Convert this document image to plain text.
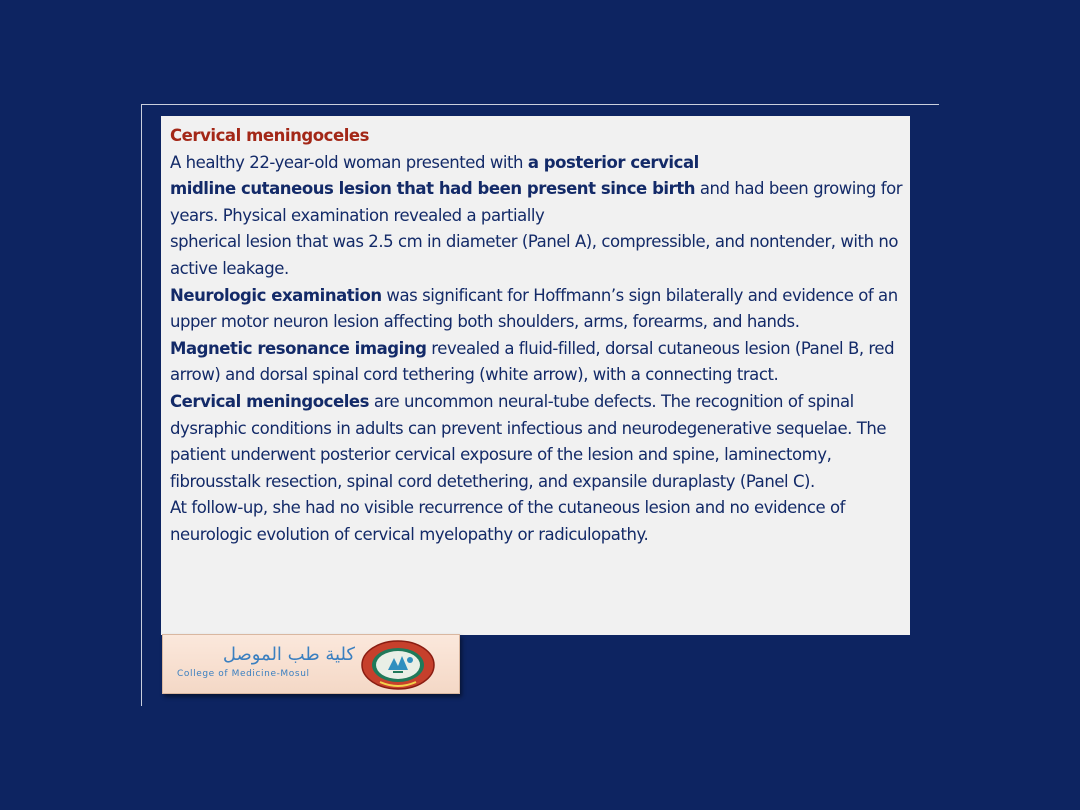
Cervical meningoceles

A healthy 22-year-old woman presented with a posterior cervical
midline cutaneous lesion that had been present since birth and had been growing for years. Physical examination revealed a partially
spherical lesion that was 2.5 cm in diameter (Panel A), compressible, and nontender, with no active leakage.

Neurologic examination was significant for Hoffmann’s sign bilaterally and evidence of an upper motor neuron lesion affecting both shoulders, arms, forearms, and hands.

Magnetic resonance imaging revealed a fluid-filled, dorsal cutaneous lesion (Panel B, red arrow) and dorsal spinal cord tethering (white arrow), with a connecting tract.

Cervical meningoceles are uncommon neural-tube defects. The recognition of spinal dysraphic conditions in adults can prevent infectious and neurodegenerative sequelae. The patient underwent posterior cervical exposure of the lesion and spine, laminectomy, fibrousstalk resection, spinal cord detethering, and expansile duraplasty (Panel C).

At follow-up, she had no visible recurrence of the cutaneous lesion and no evidence of neurologic evolution of cervical myelopathy or radiculopathy.

كلية طب الموصل
College of Medicine-Mosul
